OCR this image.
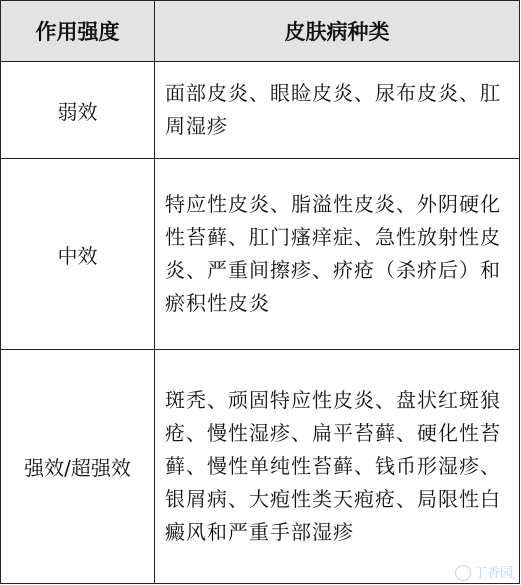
作用强度	皮肤病种类
弱效	面部皮炎、眼睑皮炎、尿布皮炎、肛周湿疹
中效	特应性皮炎、脂溢性皮炎、外阴硬化性苔藓、肛门瘙痒症、急性放射性皮炎、严重间擦疹、疥疮（杀疥后）和瘀积性皮炎
强效/超强效	斑秃、顽固特应性皮炎、盘状红斑狼疮、慢性湿疹、扁平苔藓、硬化性苔藓、慢性单纯性苔藓、钱币形湿疹、银屑病、大疱性类天疱疮、局限性白癜风和严重手部湿疹
丁香园
